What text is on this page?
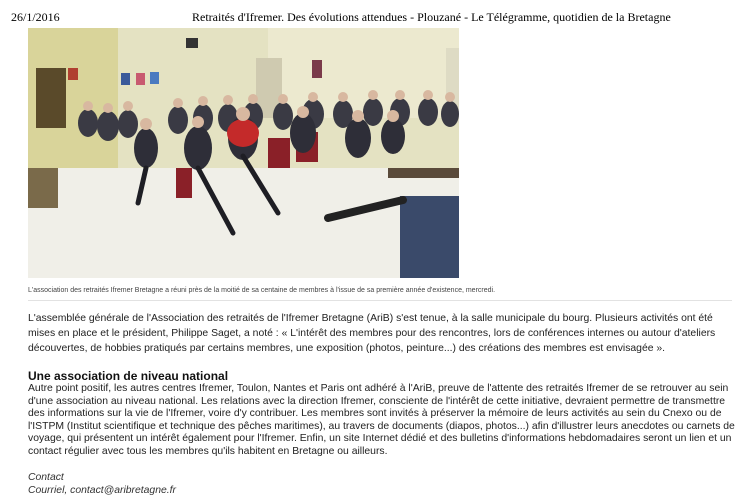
26/1/2016	Retraités d'Ifremer. Des évolutions attendues - Plouzané - Le Télégramme, quotidien de la Bretagne
L'association des retraités Ifremer Bretagne a réuni près de la moitié de sa centaine de membres à l'issue de sa première année d'existence, mercredi.
L'assemblée générale de l'Association des retraités de l'Ifremer Bretagne (AriB) s'est tenue, à la salle municipale du bourg. Plusieurs activités ont été mises en place et le président, Philippe Saget, a noté : « L'intérêt des membres pour des rencontres, lors de conférences internes ou autour d'ateliers découvertes, de hobbies pratiqués par certains membres, une exposition (photos, peinture...) des créations des membres est envisagée ».
Une association de niveau national
Autre point positif, les autres centres Ifremer, Toulon, Nantes et Paris ont adhéré à l'AriB, preuve de l'attente des retraités Ifremer de se retrouver au sein d'une association au niveau national. Les relations avec la direction Ifremer, consciente de l'intérêt de cette initiative, devraient permettre de transmettre des informations sur la vie de l'Ifremer, voire d'y contribuer. Les membres sont invités à préserver la mémoire de leurs activités au sein du Cnexo ou de l'ISTPM (Institut scientifique et technique des pêches maritimes), au travers de documents (diapos, photos...) afin d'illustrer leurs anecdotes ou carnets de voyage, qui présentent un intérêt également pour l'Ifremer. Enfin, un site Internet dédié et des bulletins d'informations hebdomadaires seront un lien et un contact régulier avec tous les membres qu'ils habitent en Bretagne ou ailleurs.
Contact
Courriel, contact@aribretagne.fr
